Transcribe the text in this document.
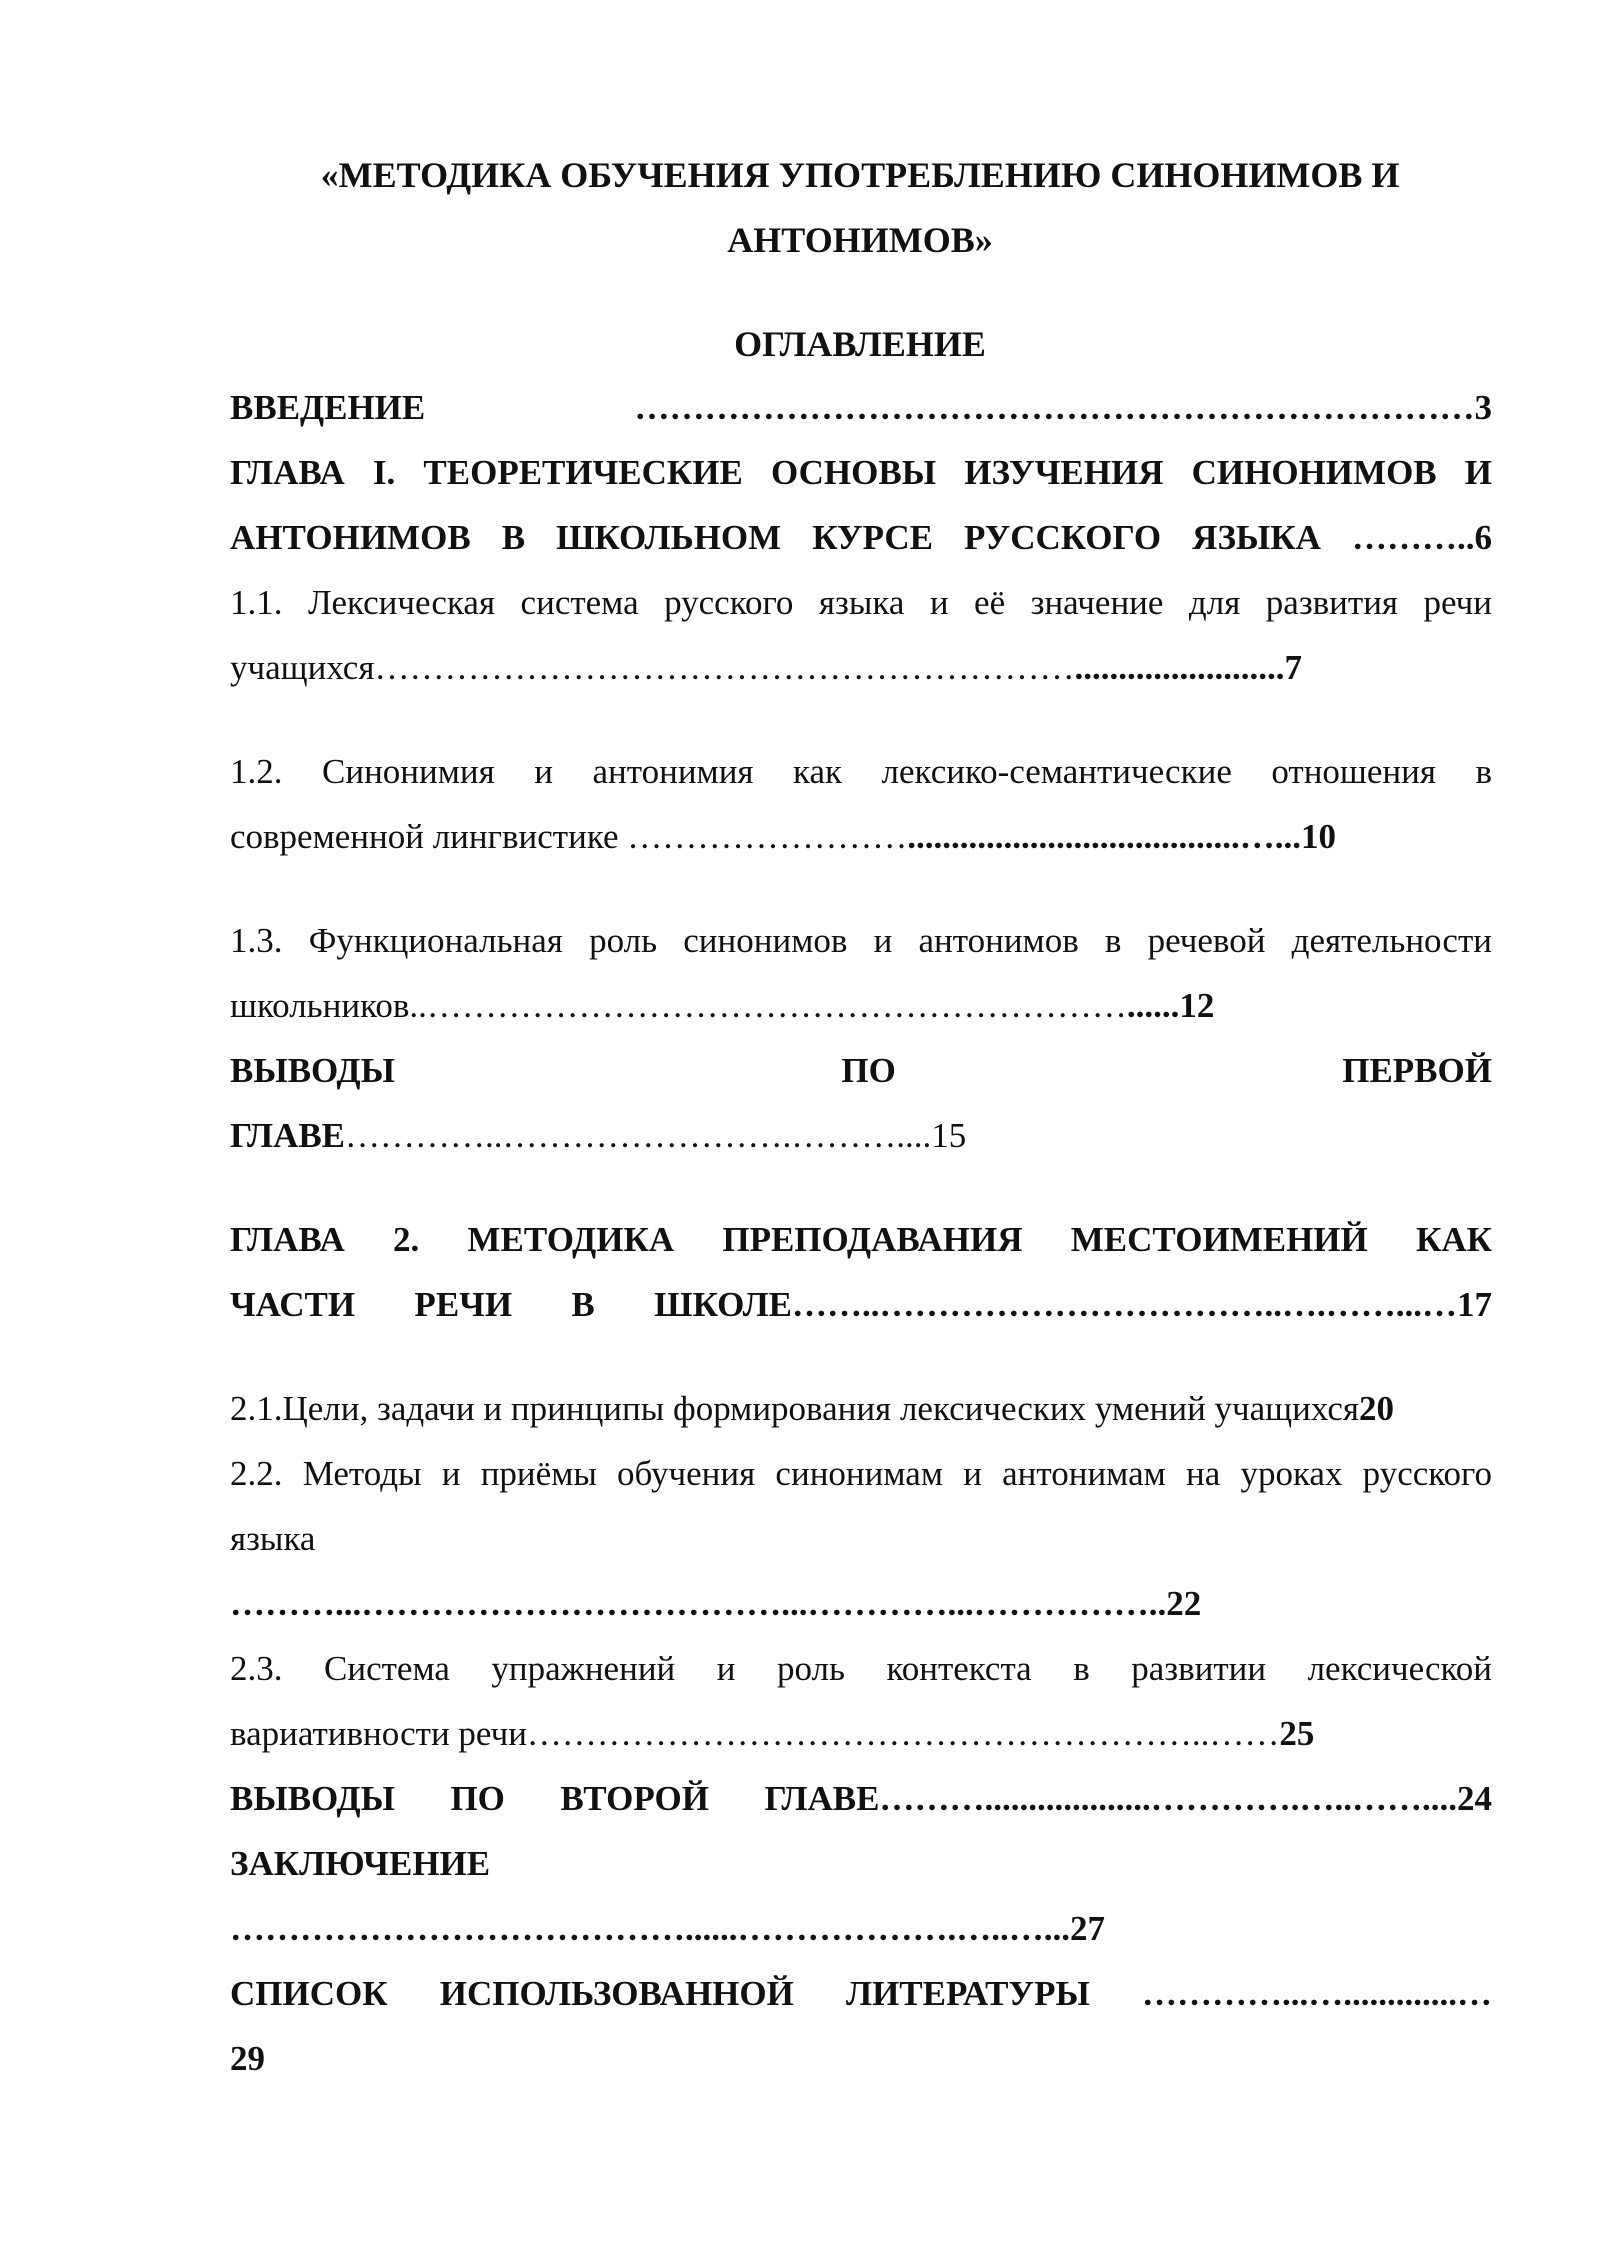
«МЕТОДИКА ОБУЧЕНИЯ УПОТРЕБЛЕНИЮ СИНОНИМОВ И
АНТОНИМОВ»
ОГЛАВЛЕНИЕ
ВВЕДЕНИЕ ………………………………………………………………3
ГЛАВА I. ТЕОРЕТИЧЕСКИЕ ОСНОВЫ ИЗУЧЕНИЯ СИНОНИМОВ И
АНТОНИМОВ В ШКОЛЬНОМ КУРСЕ РУССКОГО ЯЗЫКА ………..6
1.1. Лексическая система русского языка и её значение для развития речи
учащихся……………………………………………………........................7
1.2. Синонимия и антонимия как лексико-семантические отношения в
современной лингвистике ……………………......................................…...10
1.3. Функциональная роль синонимов и антонимов в речевой деятельности
школьников..……………………………………………………......12
ВЫВОДЫ	ПО	ПЕРВОЙ
ГЛАВЕ…………..…………………….………....15
ГЛАВА 2. МЕТОДИКА ПРЕПОДАВАНИЯ МЕСТОИМЕНИЙ КАК
ЧАСТИ РЕЧИ В ШКОЛЕ……..……………………………..….……...…17
2.1.Цели, задачи и принципы формирования лексических умений учащихся20
2.2. Методы и приёмы обучения синонимам и антонимам на уроках русского
языка
………...………………………………...…………...……………..22
2.3. Система упражнений и роль контекста в развитии лексической
вариативности речи…………………………………………………..……25
ВЫВОДЫ ПО ВТОРОЙ ГЛАВЕ………...................………….…..……....24
ЗАКЛЮЧЕНИЕ
…………………………………......……………….…..…...27
СПИСОК ИСПОЛЬЗОВАННОЙ ЛИТЕРАТУРЫ …………...….............…
29
